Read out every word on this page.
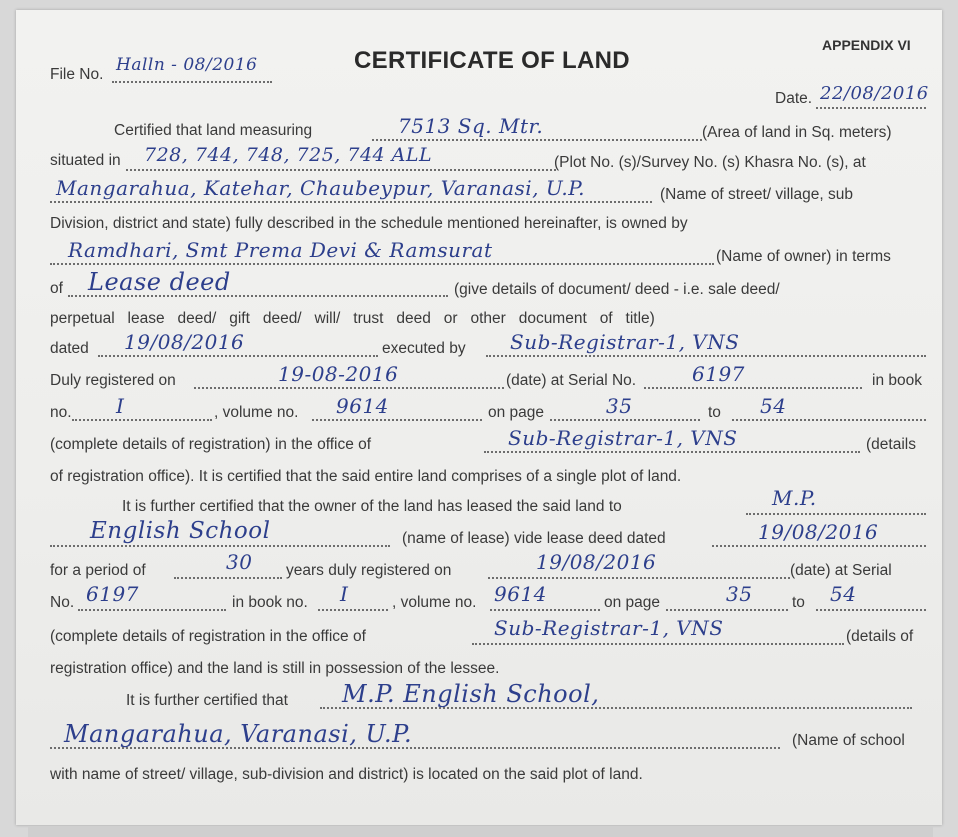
APPENDIX VI
CERTIFICATE OF LAND
File No. Halln - 08/2016
Date. 22/08/2016
Certified that land measuring	7513 Sq. Mtr.	(Area of land in Sq. meters)
situated in 728, 744, 748, 725, 744 ALL	(Plot No. (s)/Survey No. (s) Khasra No. (s), at
Mangarahua, Katehar, Chaubeypur, Varanasi, U.P.	(Name of street/ village, sub
Division, district and state) fully described in the schedule mentioned hereinafter, is owned by
Ramdhari, Smt Prema Devi & Ramsurat	(Name of owner) in terms
of Lease deed	(give details of document/ deed - i.e. sale deed/
perpetual   lease   deed/   gift   deed/   will/   trust   deed   or   other   document   of   title)
dated 19/08/2016	executed by Sub-Registrar-1, VNS
Duly registered on	19-08-2016	(date) at Serial No.	6197	in book
no. I	, volume no. 9614	on page	35	to 54
(complete details of registration) in the office of	Sub-Registrar-1, VNS	(details
of registration office). It is certified that the said entire land comprises of a single plot of land.
It is further certified that the owner of the land has leased the said land to	M.P.
English School	(name of lease) vide lease deed dated	19/08/2016
for a period of	30 years duly registered on	19/08/2016	(date) at Serial
No. 6197	in book no. I	, volume no. 9614	on page	35	to 54
(complete details of registration in the office of	Sub-Registrar-1, VNS	(details of
registration office) and the land is still in possession of the lessee.
It is further certified that M.P. English School,
Mangarahua, Varanasi, U.P.	(Name of school
with name of street/ village, sub-division and district) is located on the said plot of land.
